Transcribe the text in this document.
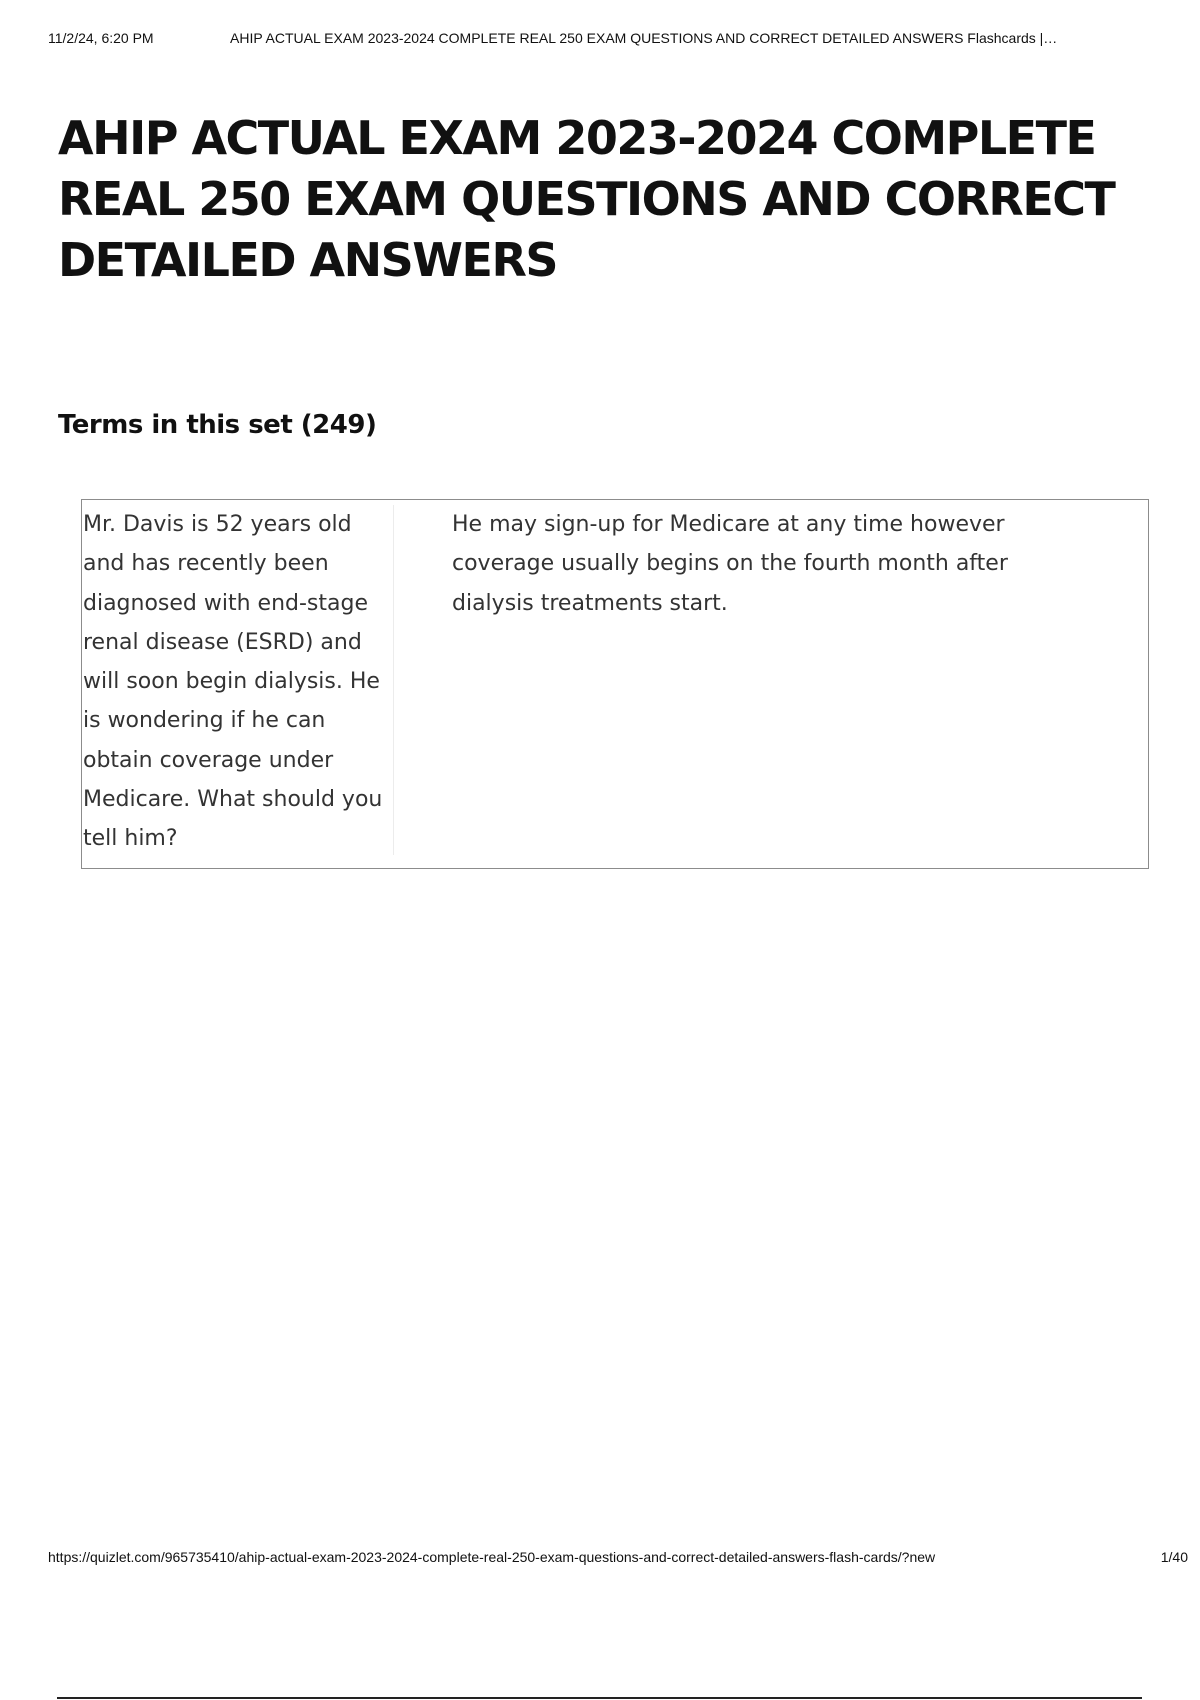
11/2/24, 6:20 PM	AHIP ACTUAL EXAM 2023-2024 COMPLETE REAL 250 EXAM QUESTIONS AND CORRECT DETAILED ANSWERS Flashcards |…
AHIP ACTUAL EXAM 2023-2024 COMPLETE REAL 250 EXAM QUESTIONS AND CORRECT DETAILED ANSWERS
Terms in this set (249)
Mr. Davis is 52 years old and has recently been diagnosed with end-stage renal disease (ESRD) and will soon begin dialysis. He is wondering if he can obtain coverage under Medicare. What should you tell him?
He may sign-up for Medicare at any time however coverage usually begins on the fourth month after dialysis treatments start.
https://quizlet.com/965735410/ahip-actual-exam-2023-2024-complete-real-250-exam-questions-and-correct-detailed-answers-flash-cards/?new	1/40
